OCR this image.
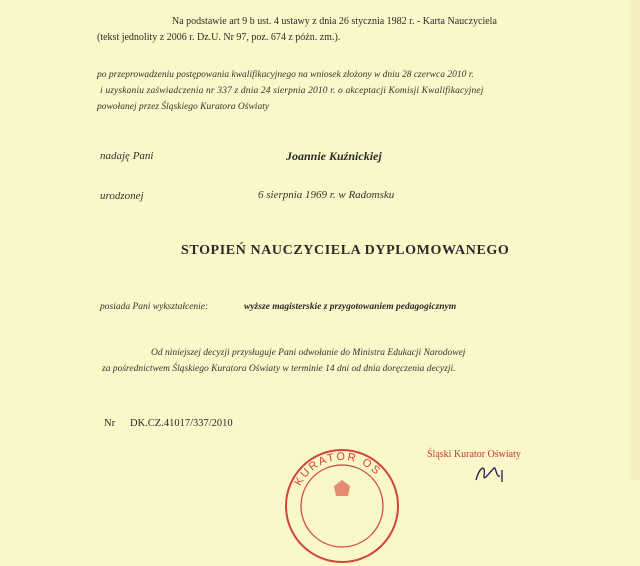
Na podstawie art 9 b ust. 4 ustawy z dnia 26 stycznia 1982 r. - Karta Nauczyciela
(tekst jednolity z 2006 r. Dz.U. Nr 97, poz. 674 z późn. zm.).
po przeprowadzeniu postępowania kwalifikacyjnego na wniosek złożony w dniu 28 czerwca 2010 r.
i uzyskaniu zaświadczenia nr 337 z dnia 24 sierpnia 2010 r. o akceptacji Komisji Kwalifikacyjnej
powołanej przez Śląskiego Kuratora Oświaty
nadaję Pani	Joannie Kuźnickiej
urodzonej	6 sierpnia 1969 r. w Radomsku
STOPIEŃ NAUCZYCIELA DYPLOMOWANEGO
posiada Pani wykształcenie:	wyższe magisterskie z przygotowaniem pedagogicznym
Od niniejszej decyzji przysługuje Pani odwołanie do Ministra Edukacji Narodowej
za pośrednictwem Śląskiego Kuratora Oświaty w terminie 14 dni od dnia doręczenia decyzji.
Nr DK.CZ.41017/337/2010
KURATOR OŚ
Śląski Kurator Oświaty
